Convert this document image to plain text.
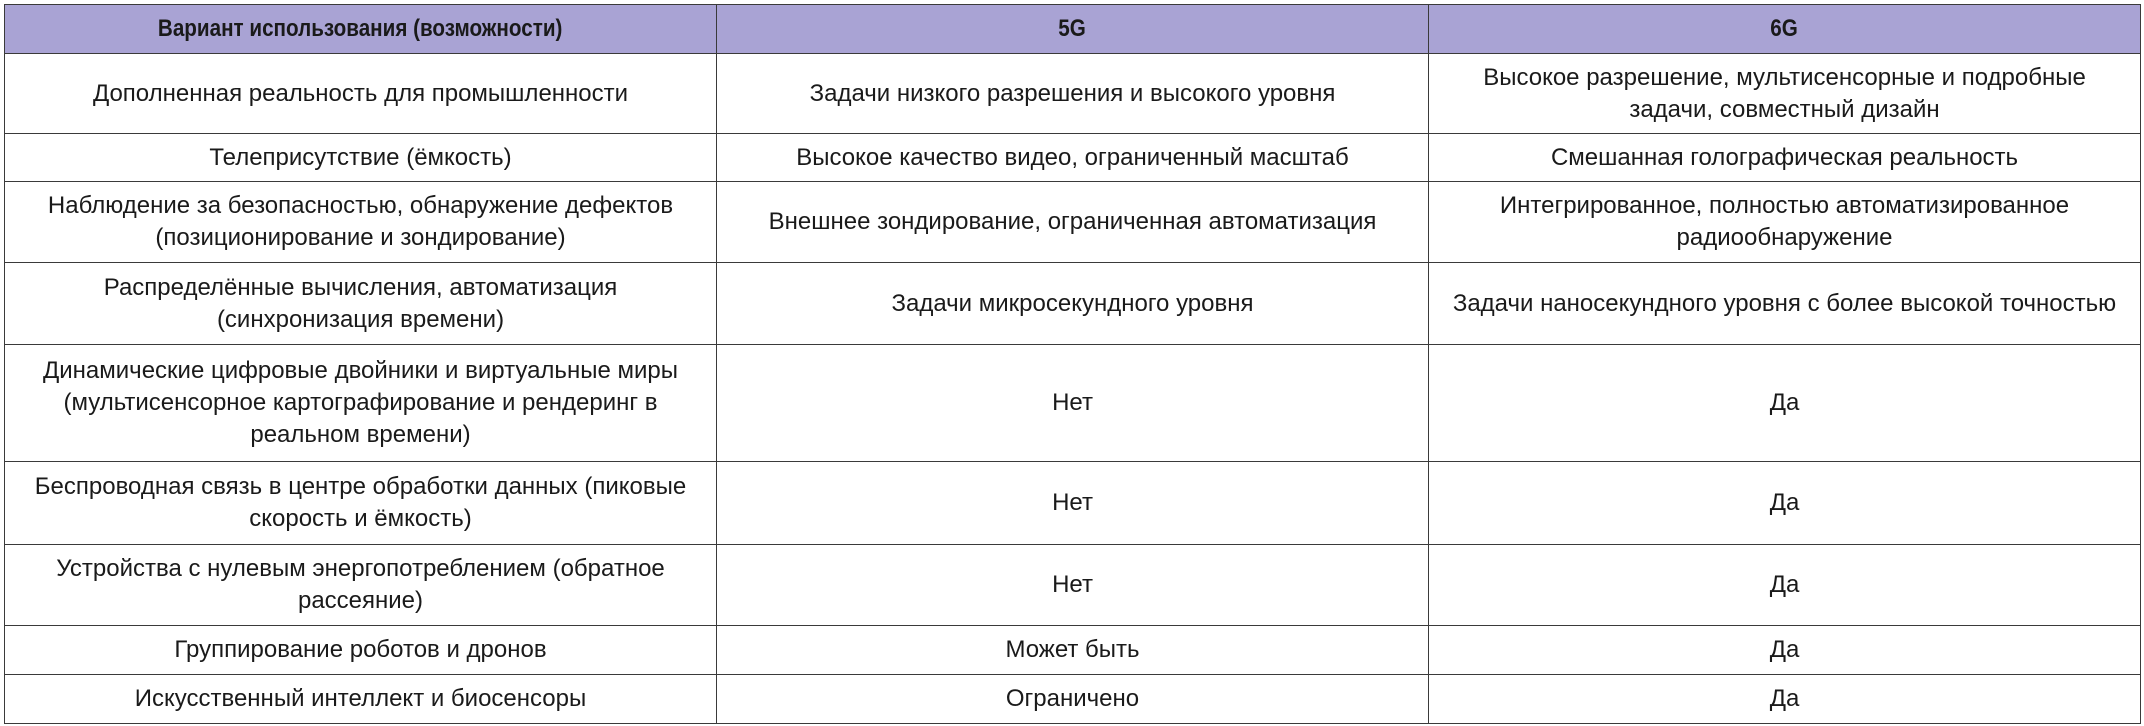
Вариант использования (возможности)	5G	6G
Дополненная реальность для промышленности	Задачи низкого разрешения и высокого уровня	Высокое разрешение, мультисенсорные и подробные задачи, совместный дизайн
Телеприсутствие (ёмкость)	Высокое качество видео, ограниченный масштаб	Смешанная голографическая реальность
Наблюдение за безопасностью, обнаружение дефектов (позиционирование и зондирование)	Внешнее зондирование, ограниченная автоматизация	Интегрированное, полностью автоматизированное радиообнаружение
Распределённые вычисления, автоматизация (синхронизация времени)	Задачи микросекундного уровня	Задачи наносекундного уровня с более высокой точностью
Динамические цифровые двойники и виртуальные миры (мультисенсорное картографирование и рендеринг в реальном времени)	Нет	Да
Беспроводная связь в центре обработки данных (пиковые скорость и ёмкость)	Нет	Да
Устройства с нулевым энергопотреблением (обратное рассеяние)	Нет	Да
Группирование роботов и дронов	Может быть	Да
Искусственный интеллект и биосенсоры	Ограничено	Да
